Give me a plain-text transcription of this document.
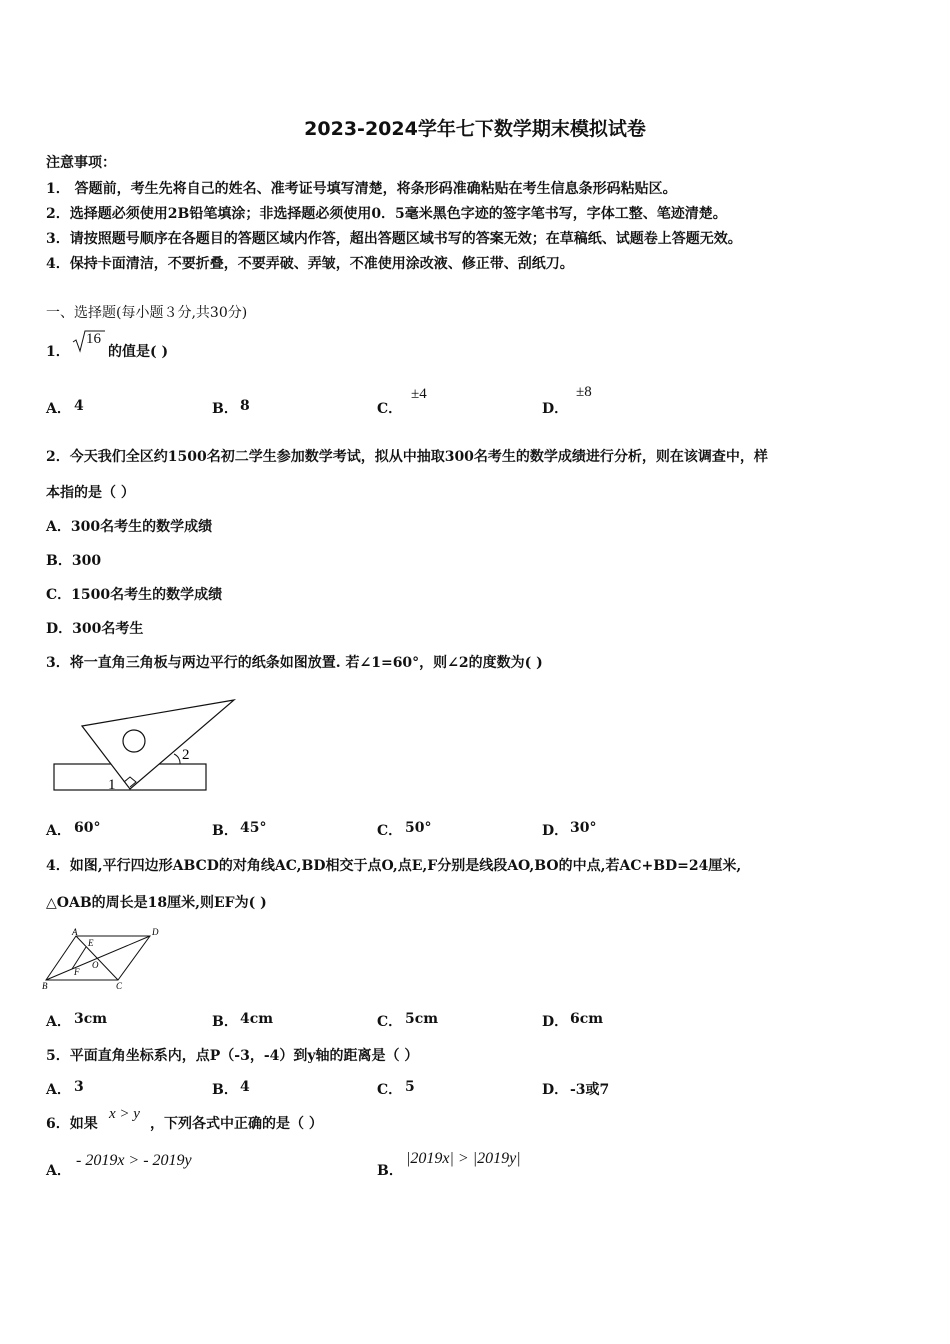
2023-2024学年七下数学期末模拟试卷
注意事项：
1． 答题前，考生先将自己的姓名、准考证号填写清楚，将条形码准确粘贴在考生信息条形码粘贴区。
2．选择题必须使用2B铅笔填涂；非选择题必须使用0．5毫米黑色字迹的签字笔书写，字体工整、笔迹清楚。
3．请按照题号顺序在各题目的答题区域内作答，超出答题区域书写的答案无效；在草稿纸、试题卷上答题无效。
4．保持卡面清洁，不要折叠，不要弄破、弄皱，不准使用涂改液、修正带、刮纸刀。
一、选择题(每小题３分,共30分)
1．
16
的值是( )
A． 4	B． 8	C．
±4
D．
±8
2．今天我们全区约1500名初二学生参加数学考试，拟从中抽取300名考生的数学成绩进行分析，则在该调查中，样
本指的是（ ）
A．300名考生的数学成绩
B．300
C．1500名考生的数学成绩
D．300名考生
3．将一直角三角板与两边平行的纸条如图放置. 若∠1=60°，则∠2的度数为( )
1
2
A． 60°	B． 45°	C． 50°	D． 30°
4．如图,平行四边形ABCD的对角线AC,BD相交于点O,点E,F分别是线段AO,BO的中点,若AC+BD=24厘米,
△OAB的周长是18厘米,则EF为( )
A	D
B	C
E
F
O
A． 3cm	B． 4cm	C． 5cm	D． 6cm
5．平面直角坐标系内，点P（-3，-4）到y轴的距离是（ ）
A． 3	B． 4	C． 5	D． -3或7
6．如果
x > y
，下列各式中正确的是（ ）
A．
- 2019x > - 2019y
B．
|2019x| > |2019y|
